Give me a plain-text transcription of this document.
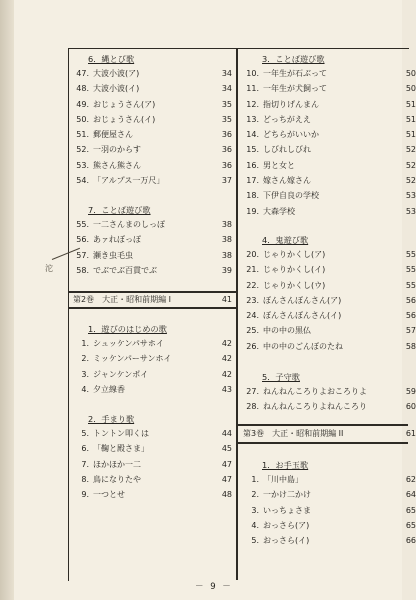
沱
6．縄とび歌
47. 大波小波(ア)	34
48. 大波小波(イ)	34
49. おじょうさん(ア)	35
50. おじょうさん(イ)	35
51. 郵便屋さん	36
52. 一羽のからす	36
53. 熊さん熊さん	36
54. 「アルプス一万尺」	37
7．ことば遊び歌
55. 一二さんまのしっぽ	38
56. あァれぼっぽ	38
57. 瀬き虫毛虫	38
58. でぶでぶ百貫でぶ	39
第2巻　大正・昭和前期編 I	41
1．遊びのはじめの歌
1. シュッケンパサホイ	42
2. ミッケンパーサンホイ	42
3. ジャンケンポイ	42
4. 夕立線香	43
2．手まり歌
5. トントン叩くは	44
6. 「鞠と殿さま」	45
7. ほかほか一二	47
8. 鳥になりたや	47
9. 一つとせ	48
3．ことば遊び歌
10. 一年生が石ぶって	50
11. 一年生が犬飼って	50
12. 指切りげんまん	51
13. どっちがええ	51
14. どちらがいいか	51
15. しびれしびれ	52
16. 男と女と	52
17. 嫁さん嫁さん	52
18. 下伊自良の学校	53
19. 大森学校	53
4．鬼遊び歌
20. じゃりかくし(ア)	55
21. じゃりかくし(イ)	55
22. じゃりかくし(ウ)	55
23. ぼんさんぼんさん(ア)	56
24. ぼんさんぼんさん(イ)	56
25. 中の中の黒仏	57
26. 中の中のごんぼのたね	58
5．子守歌
27. ねんねんころりよおころりよ	59
28. ねんねんころりよねんころり	60
第3巻　大正・昭和前期編 II	61
1．お手玉歌
1. 「川中島」	62
2. 一かけ二かけ	64
3. いっちょさま	65
4. おっさら(ア)	65
5. おっさら(イ)	66
－ 9 －
